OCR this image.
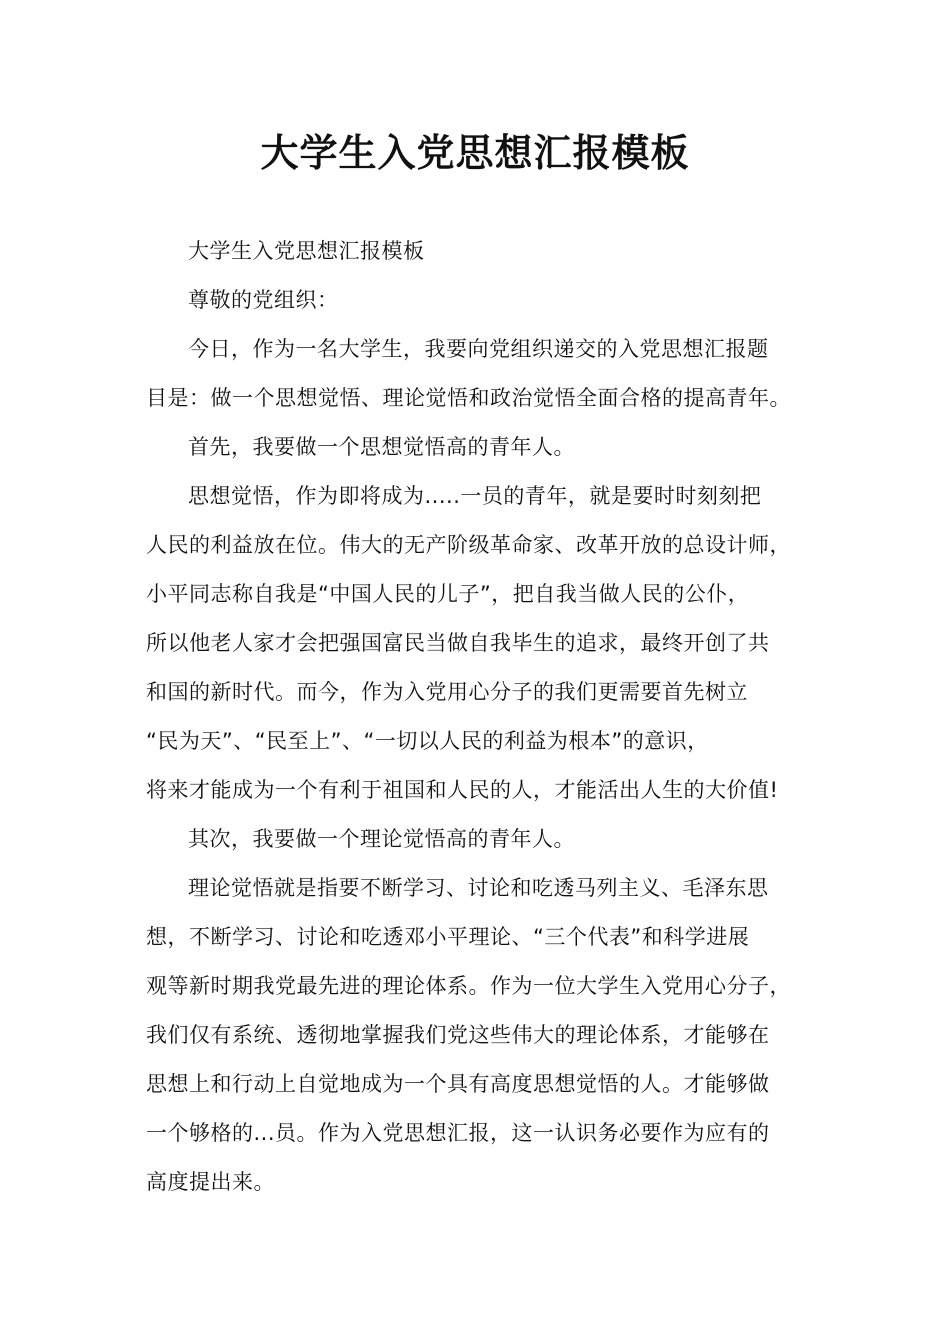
大学生入党思想汇报模板

大学生入党思想汇报模板

尊敬的党组织：

今日，作为一名大学生，我要向党组织递交的入党思想汇报题
目是：做一个思想觉悟、理论觉悟和政治觉悟全面合格的提高青年。

首先，我要做一个思想觉悟高的青年人。

思想觉悟，作为即将成为.....一员的青年，就是要时时刻刻把
人民的利益放在位。伟大的无产阶级革命家、改革开放的总设计师，
小平同志称自我是“中国人民的儿子”，把自我当做人民的公仆，
所以他老人家才会把强国富民当做自我毕生的追求，最终开创了共
和国的新时代。而今，作为入党用心分子的我们更需要首先树立
“民为天”、“民至上”、“一切以人民的利益为根本”的意识，
将来才能成为一个有利于祖国和人民的人，才能活出人生的大价值!

其次，我要做一个理论觉悟高的青年人。

理论觉悟就是指要不断学习、讨论和吃透马列主义、毛泽东思
想，不断学习、讨论和吃透邓小平理论、“三个代表”和科学进展
观等新时期我党最先进的理论体系。作为一位大学生入党用心分子，
我们仅有系统、透彻地掌握我们党这些伟大的理论体系，才能够在
思想上和行动上自觉地成为一个具有高度思想觉悟的人。才能够做
一个够格的...员。作为入党思想汇报，这一认识务必要作为应有的
高度提出来。
